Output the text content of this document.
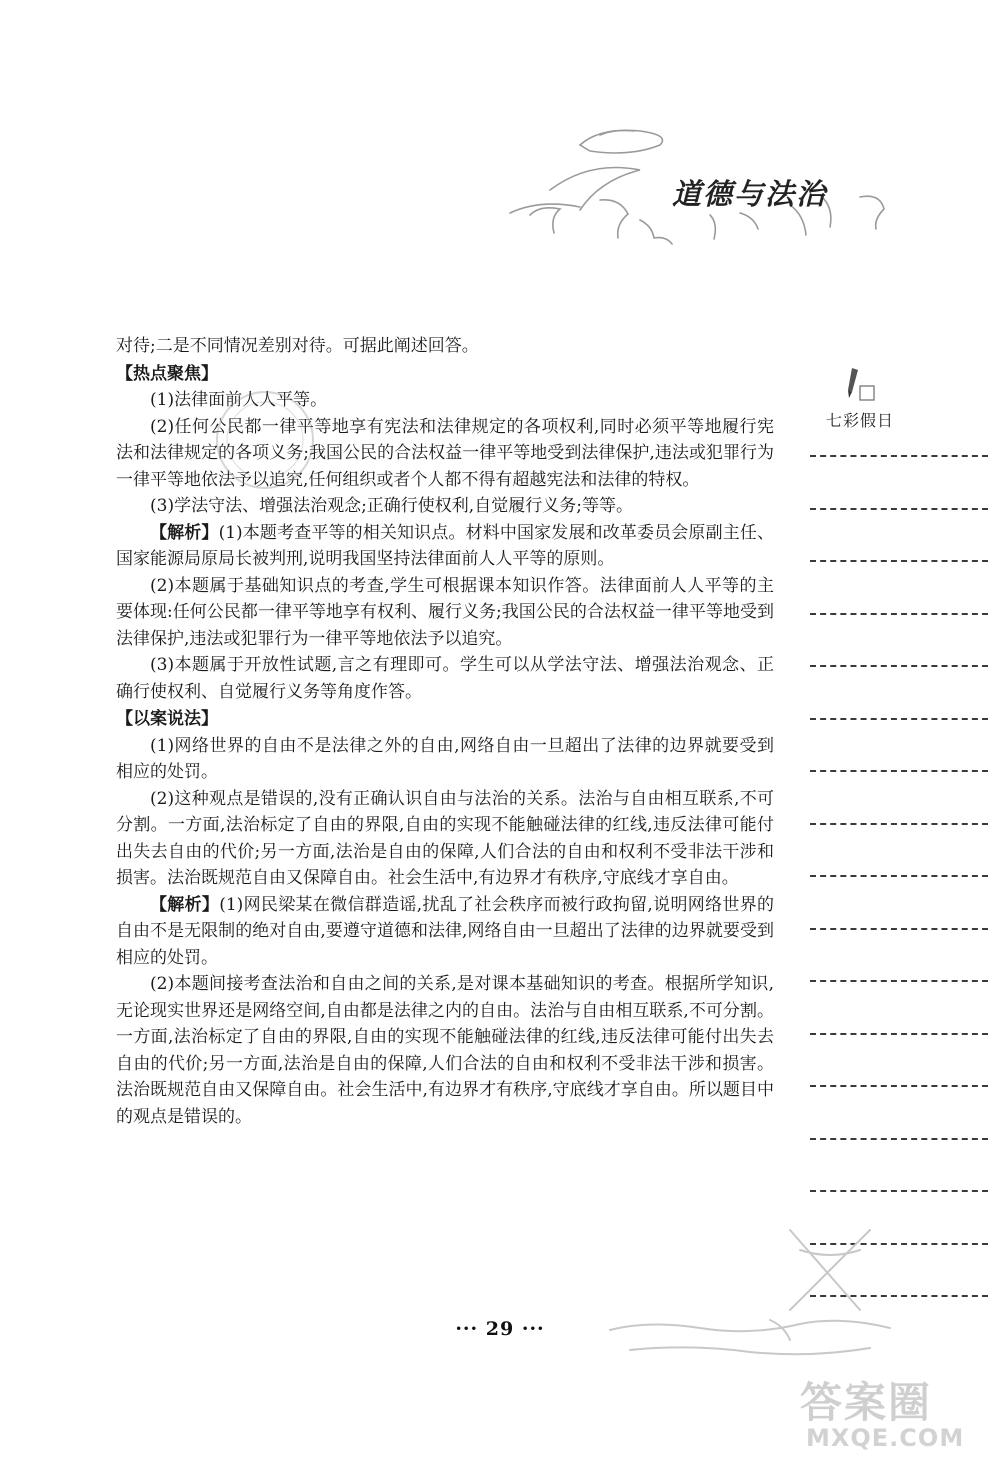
道德与法治
七彩假日

对待;二是不同情况差别对待。可据此阐述回答。

【热点聚焦】

(1)法律面前人人平等。

(2)任何公民都一律平等地享有宪法和法律规定的各项权利,同时必须平等地履行宪法和法律规定的各项义务;我国公民的合法权益一律平等地受到法律保护,违法或犯罪行为一律平等地依法予以追究,任何组织或者个人都不得有超越宪法和法律的特权。

(3)学法守法、增强法治观念;正确行使权利,自觉履行义务;等等。

【解析】(1)本题考查平等的相关知识点。材料中国家发展和改革委员会原副主任、国家能源局原局长被判刑,说明我国坚持法律面前人人平等的原则。

(2)本题属于基础知识点的考查,学生可根据课本知识作答。法律面前人人平等的主要体现:任何公民都一律平等地享有权利、履行义务;我国公民的合法权益一律平等地受到法律保护,违法或犯罪行为一律平等地依法予以追究。

(3)本题属于开放性试题,言之有理即可。学生可以从学法守法、增强法治观念、正确行使权利、自觉履行义务等角度作答。

【以案说法】

(1)网络世界的自由不是法律之外的自由,网络自由一旦超出了法律的边界就要受到相应的处罚。

(2)这种观点是错误的,没有正确认识自由与法治的关系。法治与自由相互联系,不可分割。一方面,法治标定了自由的界限,自由的实现不能触碰法律的红线,违反法律可能付出失去自由的代价;另一方面,法治是自由的保障,人们合法的自由和权利不受非法干涉和损害。法治既规范自由又保障自由。社会生活中,有边界才有秩序,守底线才享自由。

【解析】(1)网民梁某在微信群造谣,扰乱了社会秩序而被行政拘留,说明网络世界的自由不是无限制的绝对自由,要遵守道德和法律,网络自由一旦超出了法律的边界就要受到相应的处罚。

(2)本题间接考查法治和自由之间的关系,是对课本基础知识的考查。根据所学知识,无论现实世界还是网络空间,自由都是法律之内的自由。法治与自由相互联系,不可分割。一方面,法治标定了自由的界限,自由的实现不能触碰法律的红线,违反法律可能付出失去自由的代价;另一方面,法治是自由的保障,人们合法的自由和权利不受非法干涉和损害。法治既规范自由又保障自由。社会生活中,有边界才有秩序,守底线才享自由。所以题目中的观点是错误的。

··· 29 ···
答案圈
MXQE.COM
